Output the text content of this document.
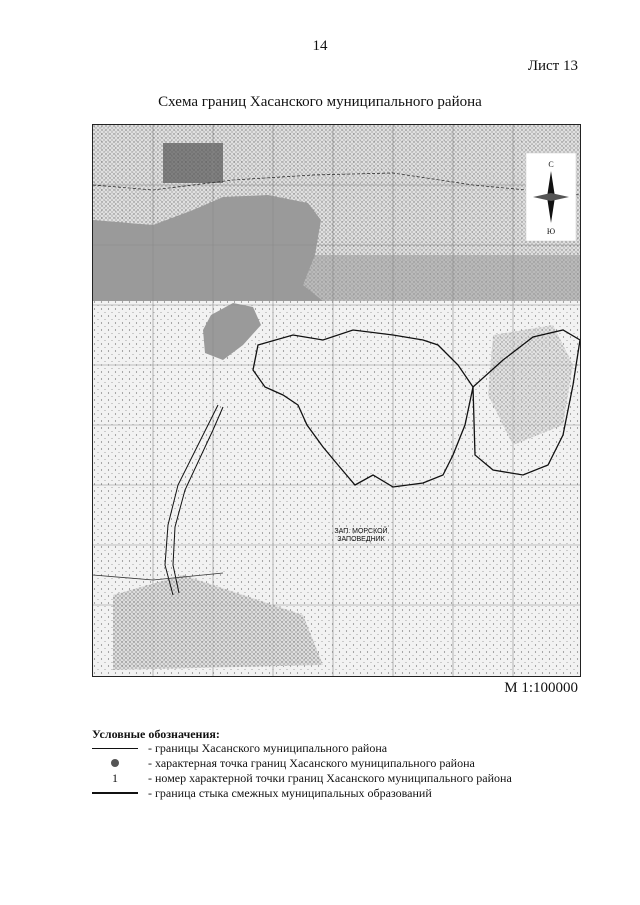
14
Лист 13
Схема границ Хасанского муниципального района
ЗАП. МОРСКОЙ
ЗАПОВЕДНИК
С
Ю
М 1:100000
Условные обозначения:
- границы Хасанского муниципального района
- характерная точка границ Хасанского муниципального района
1	- номер характерной точки границ Хасанского муниципального района
- граница стыка смежных муниципальных образований
